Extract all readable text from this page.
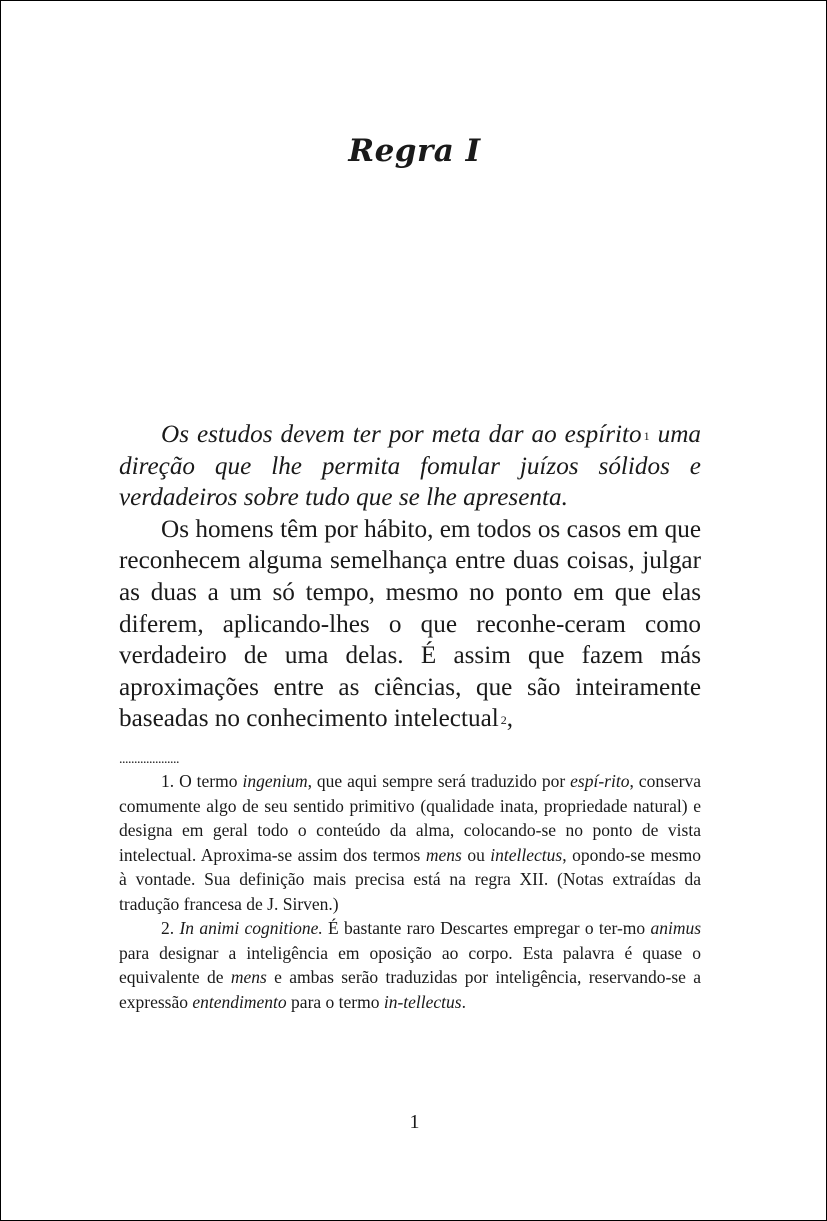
Regra I

Os estudos devem ter por meta dar ao espírito $^1$ uma direção que lhe permita fomular juízos sólidos e verdadeiros sobre tudo que se lhe apresenta.

Os homens têm por hábito, em todos os casos em que reconhecem alguma semelhança entre duas coisas, julgar as duas a um só tempo, mesmo no ponto em que elas diferem, aplicando-lhes o que reconhe-ceram como verdadeiro de uma delas. É assim que fazem más aproximações entre as ciências, que são inteiramente baseadas no conhecimento intelectual $^2$,

....................

1. O termo ingenium, que aqui sempre será traduzido por espí-rito, conserva comumente algo de seu sentido primitivo (qualidade inata, propriedade natural) e designa em geral todo o conteúdo da alma, colocando-se no ponto de vista intelectual. Aproxima-se assim dos termos mens ou intellectus, opondo-se mesmo à vontade. Sua definição mais precisa está na regra XII. (Notas extraídas da tradução francesa de J. Sirven.)

2. In animi cognitione. É bastante raro Descartes empregar o ter-mo animus para designar a inteligência em oposição ao corpo. Esta palavra é quase o equivalente de mens e ambas serão traduzidas por inteligência, reservando-se a expressão entendimento para o termo in-tellectus.

1
